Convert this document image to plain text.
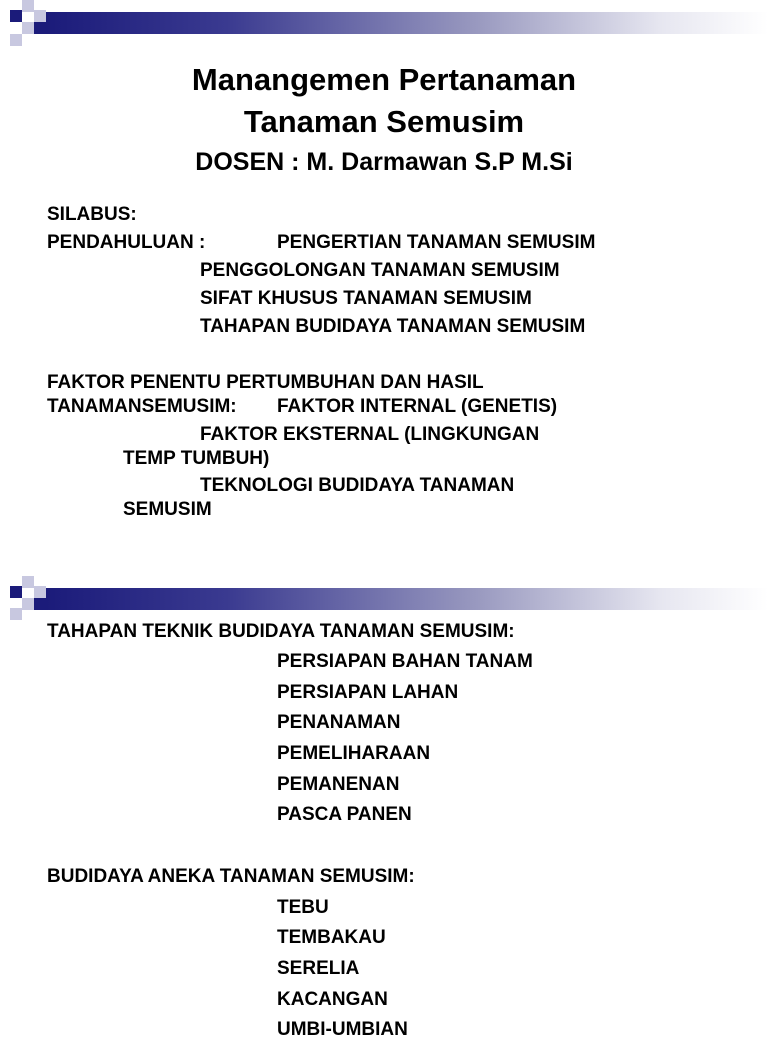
Manangemen Pertanaman
Tanaman Semusim
DOSEN : M. Darmawan S.P M.Si
SILABUS:
PENDAHULUAN :	PENGERTIAN TANAMAN SEMUSIM
PENGGOLONGAN TANAMAN SEMUSIM
SIFAT KHUSUS TANAMAN SEMUSIM
TAHAPAN BUDIDAYA TANAMAN SEMUSIM
FAKTOR PENENTU PERTUMBUHAN DAN HASIL
TANAMANSEMUSIM: FAKTOR INTERNAL (GENETIS)
FAKTOR EKSTERNAL (LINGKUNGAN
TEMP TUMBUH)
TEKNOLOGI BUDIDAYA TANAMAN
SEMUSIM
TAHAPAN TEKNIK BUDIDAYA TANAMAN SEMUSIM:
PERSIAPAN BAHAN TANAM
PERSIAPAN LAHAN
PENANAMAN
PEMELIHARAAN
PEMANENAN
PASCA PANEN
BUDIDAYA ANEKA TANAMAN SEMUSIM:
TEBU
TEMBAKAU
SERELIA
KACANGAN
UMBI-UMBIAN
